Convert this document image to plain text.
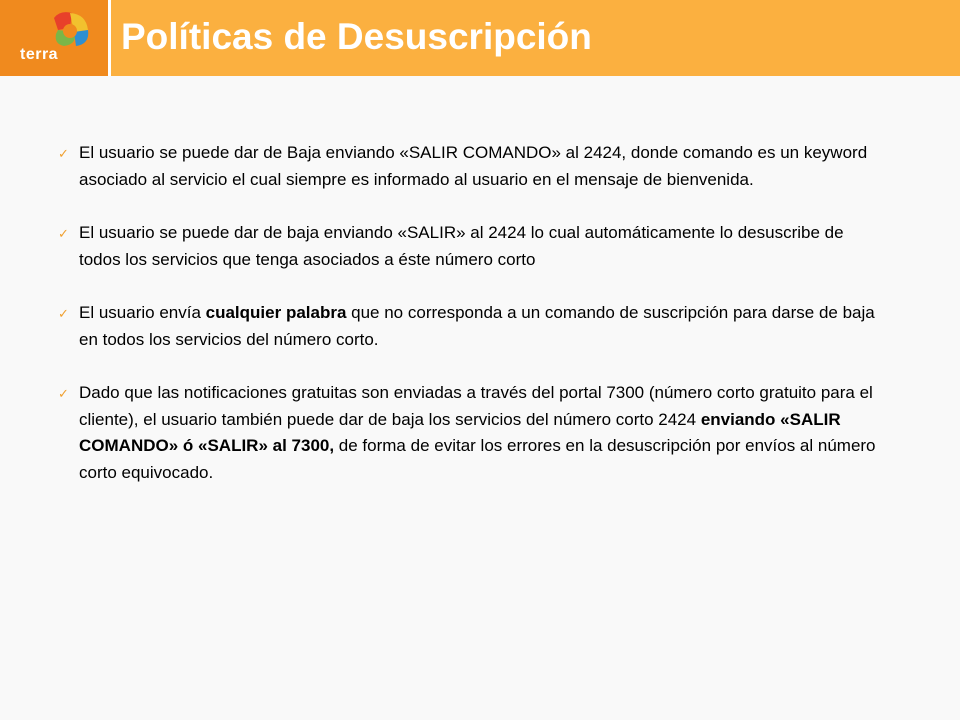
terra Políticas de Desuscripción
✓ El usuario se puede dar de Baja enviando «SALIR COMANDO» al 2424, donde comando es un keyword asociado al servicio el cual siempre es informado al usuario en el mensaje de bienvenida.
✓ El usuario se puede dar de baja enviando «SALIR» al 2424 lo cual automáticamente lo desuscribe de todos los servicios que tenga asociados a éste número corto
✓ El usuario envía cualquier palabra que no corresponda a un comando de suscripción para darse de baja en todos los servicios del número corto.
✓ Dado que las notificaciones gratuitas son enviadas a través del portal 7300 (número corto gratuito para el cliente), el usuario también puede dar de baja los servicios del número corto 2424 enviando «SALIR COMANDO» ó «SALIR» al 7300, de forma de evitar los errores en la desuscripción por envíos al número corto equivocado.
